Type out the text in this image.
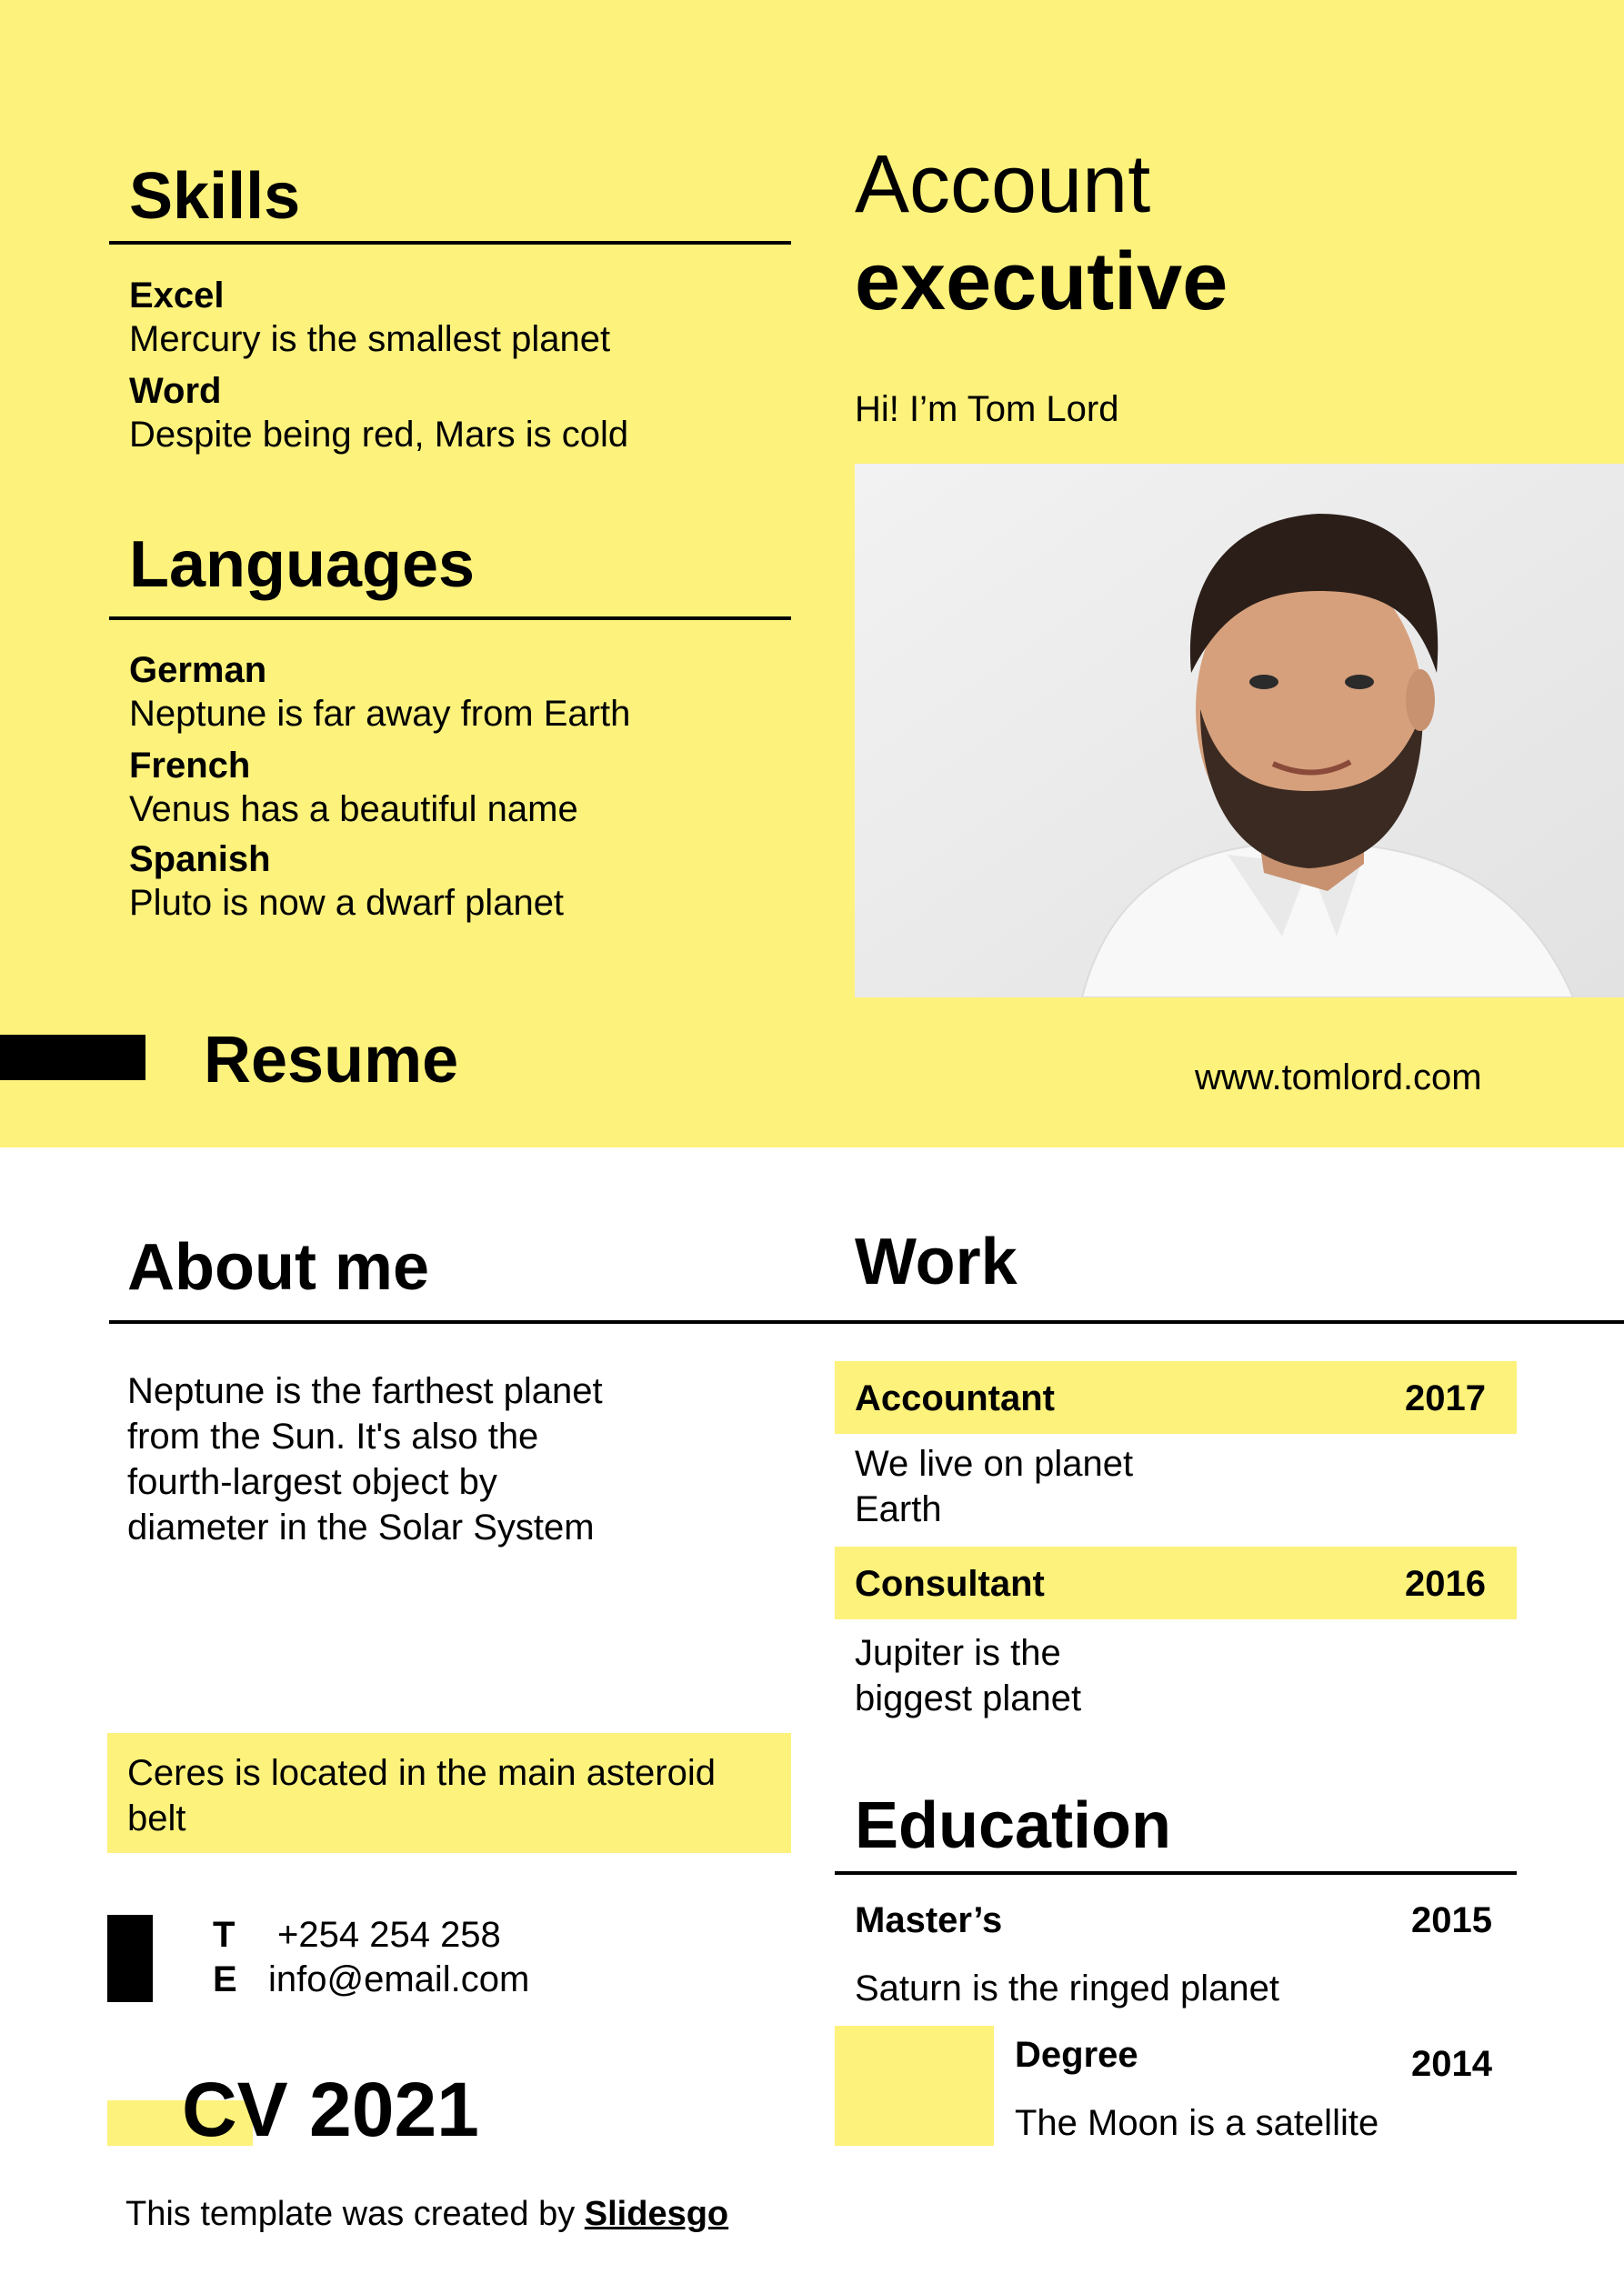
Skills
Excel
Mercury is the smallest planet
Word
Despite being red, Mars is cold
Languages
German
Neptune is far away from Earth
French
Venus has a beautiful name
Spanish
Pluto is now a dwarf planet
Account
executive
Hi! I’m Tom Lord
Resume	www.tomlord.com
About me
Neptune is the farthest planet
from the Sun. It's also the
fourth-largest object by
diameter in the Solar System
Ceres is located in the main asteroid
belt
T +254 254 258
E info@email.com
CV 2021
This template was created by Slidesgo
Work
Accountant	2017
We live on planet
Earth
Consultant	2016
Jupiter is the
biggest planet
Education
Master’s	2015
Saturn is the ringed planet
Degree	2014
The Moon is a satellite
